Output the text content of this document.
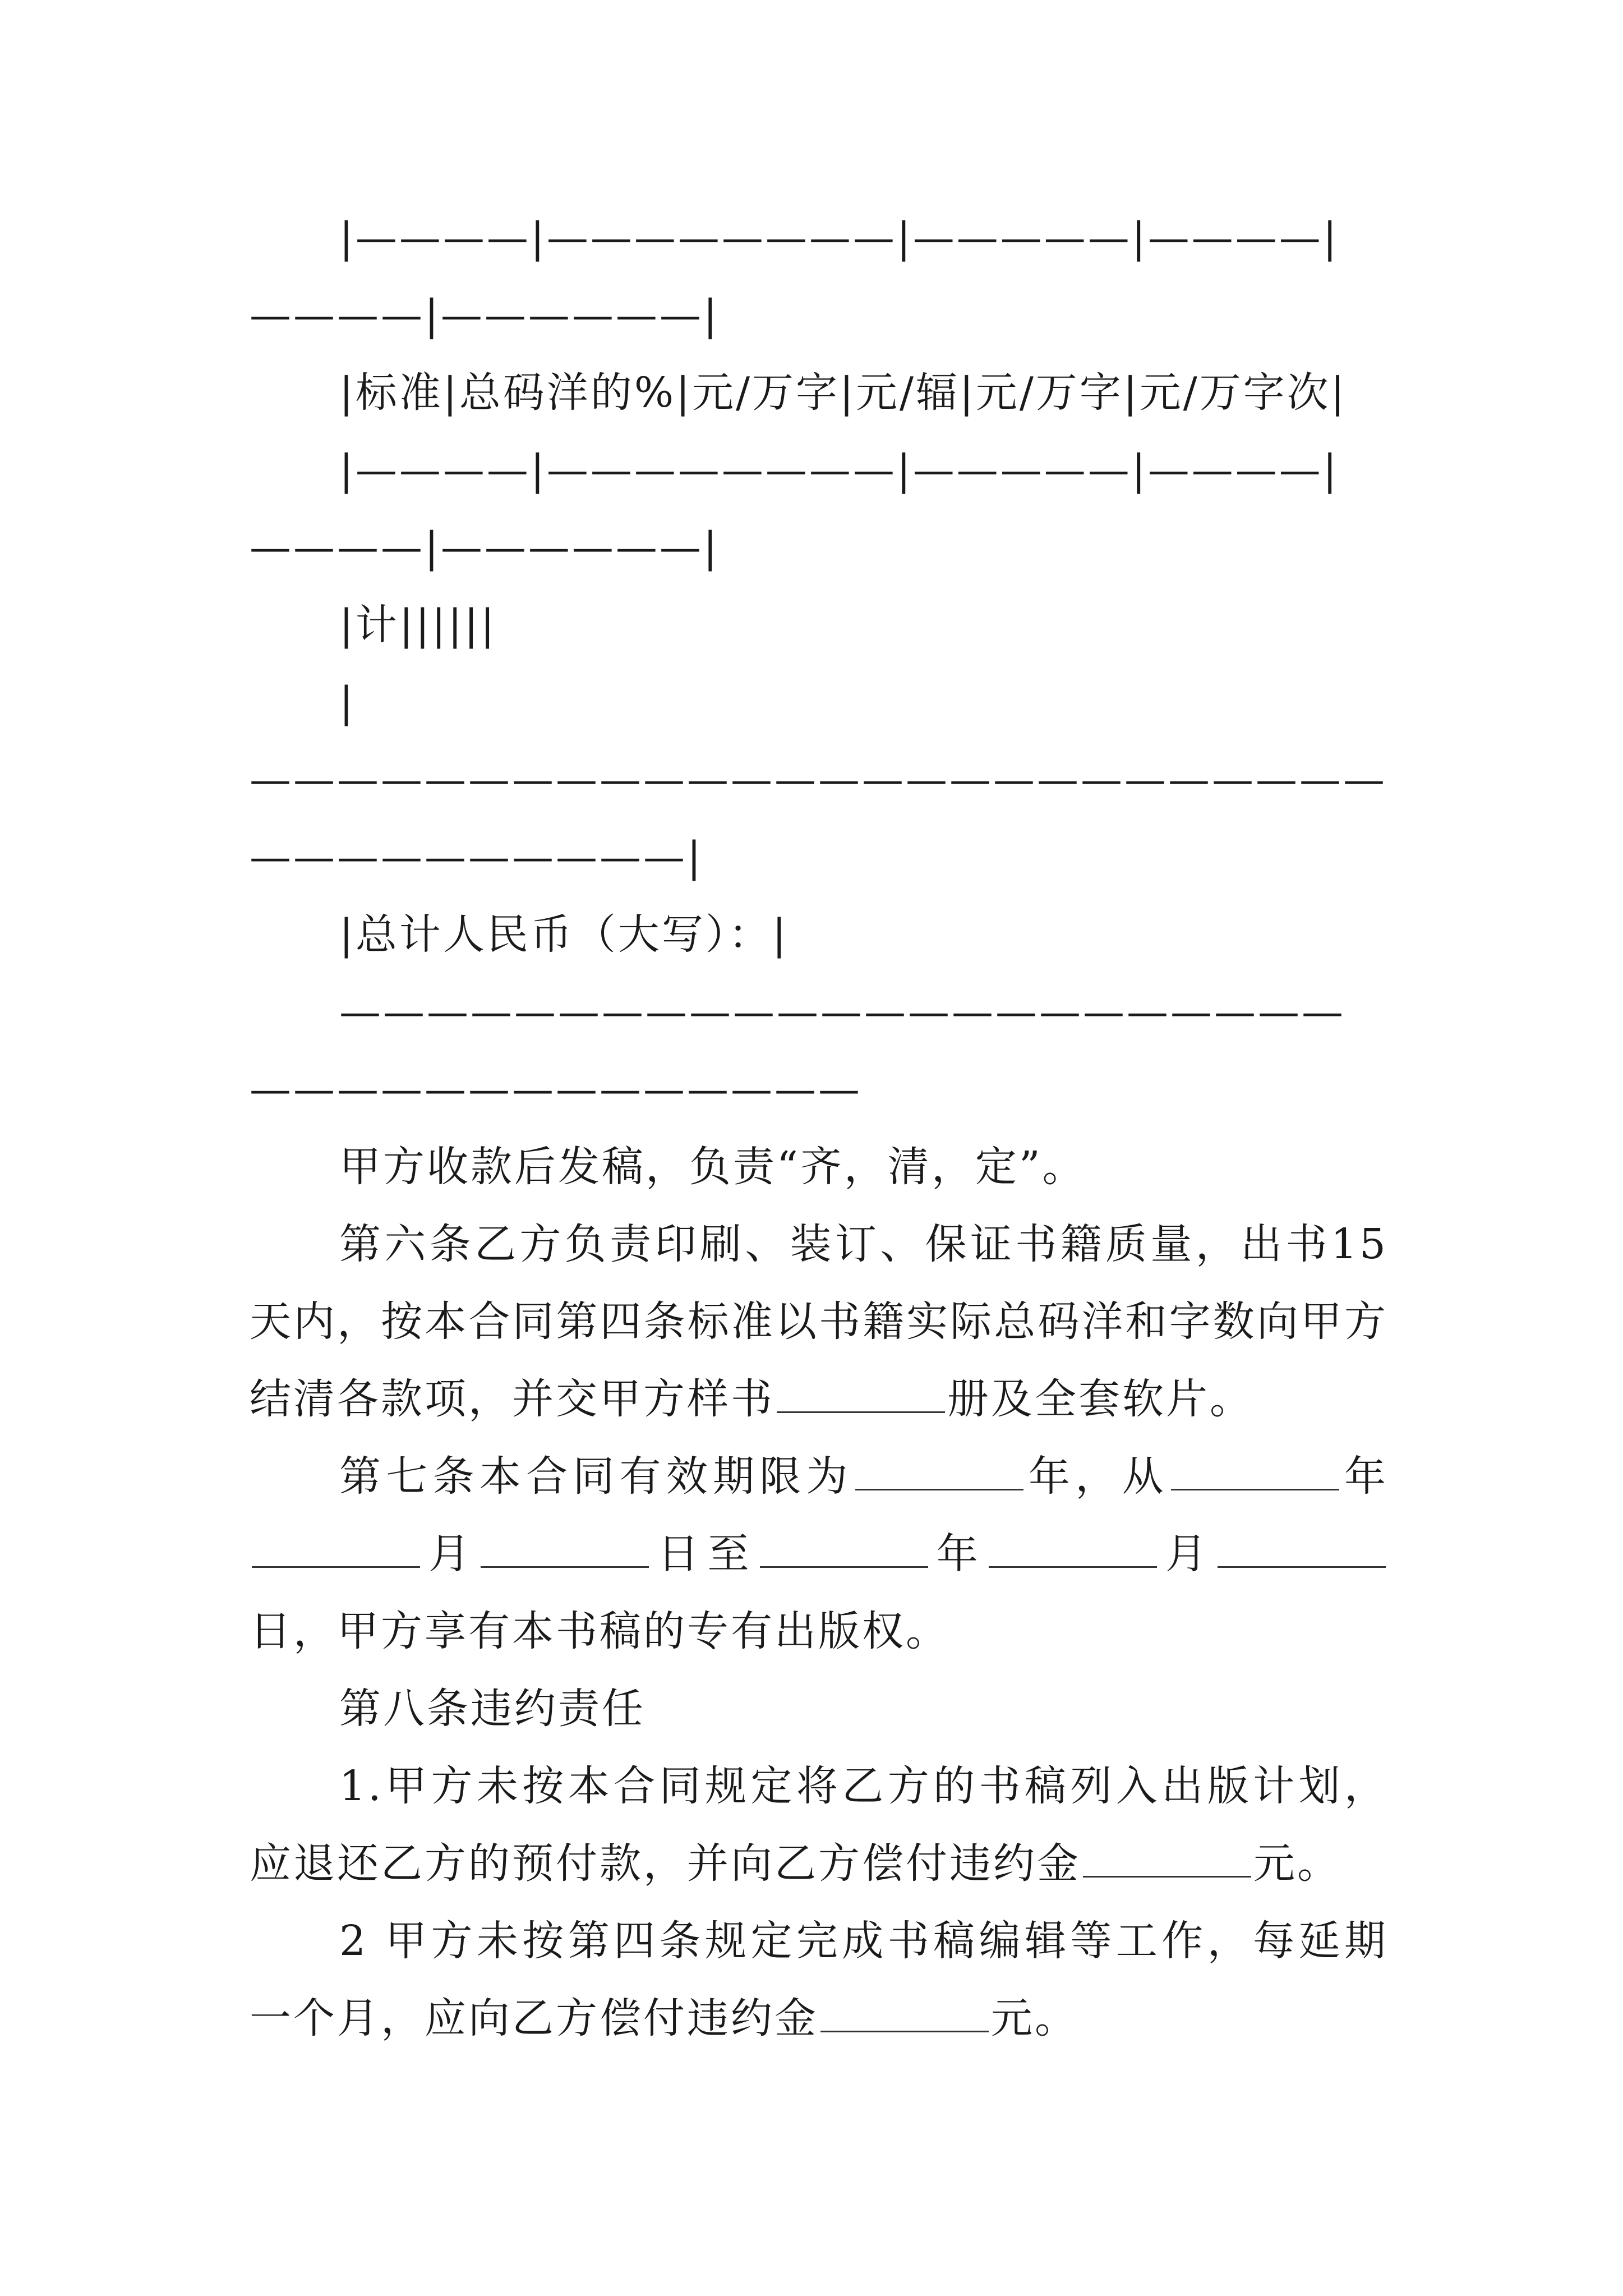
|————|————————|—————|————|————|——————|

|标准|总码洋的%|元/万字|元/辐|元/万字|元/万字次|

|————|————————|—————|————|————|——————|

|计||||||

|————————————————————————————————————|

|总计人民币（大写）：|

—————————————————————————————————————

甲方收款后发稿，负责“齐，清，定”。

第六条乙方负责印刷、装订、保证书籍质量，出书15天内，按本合同第四条标准以书籍实际总码洋和字数向甲方结清各款项，并交甲方样书	册及全套软片。

第七条本合同有效期限为	年，从	年月	日至	年	月日，甲方享有本书稿的专有出版权。

第八条违约责任

1.甲方未按本合同规定将乙方的书稿列入出版计划，应退还乙方的预付款，并向乙方偿付违约金	元。

2 甲方未按第四条规定完成书稿编辑等工作，每延期一个月，应向乙方偿付违约金	元。
